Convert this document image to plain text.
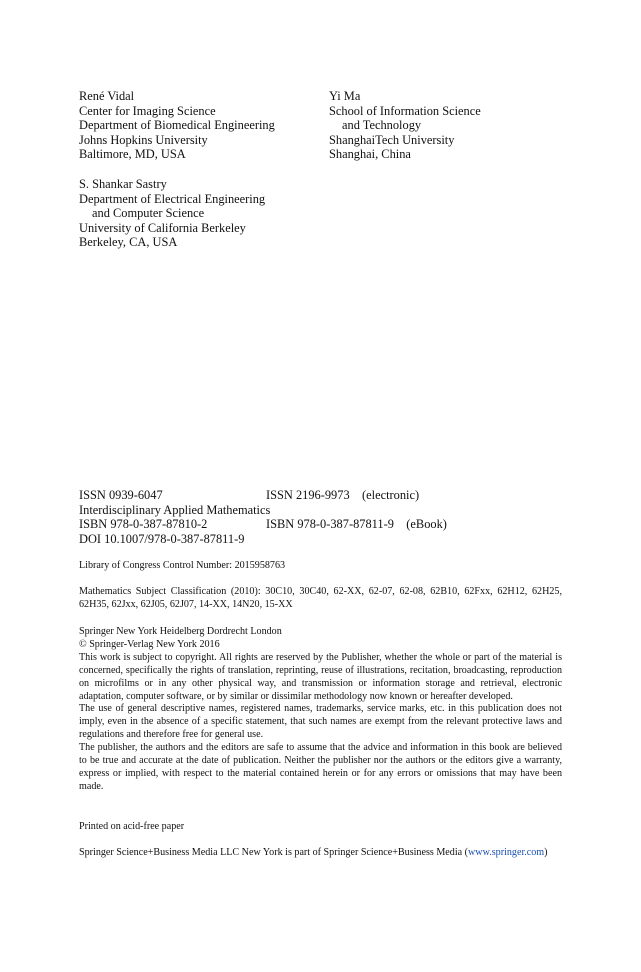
René Vidal
Center for Imaging Science
Department of Biomedical Engineering
Johns Hopkins University
Baltimore, MD, USA
Yi Ma
School of Information Science
and Technology
ShanghaiTech University
Shanghai, China
S. Shankar Sastry
Department of Electrical Engineering
and Computer Science
University of California Berkeley
Berkeley, CA, USA
ISSN 0939-6047	ISSN 2196-9973    (electronic)
Interdisciplinary Applied Mathematics
ISBN 978-0-387-87810-2	ISBN 978-0-387-87811-9    (eBook)
DOI 10.1007/978-0-387-87811-9

Library of Congress Control Number: 2015958763

Mathematics Subject Classification (2010): 30C10, 30C40, 62-XX, 62-07, 62-08, 62B10, 62Fxx, 62H12, 62H25, 62H35, 62Jxx, 62J05, 62J07, 14-XX, 14N20, 15-XX

Springer New York Heidelberg Dordrecht London

© Springer-Verlag New York 2016

This work is subject to copyright. All rights are reserved by the Publisher, whether the whole or part of the material is concerned, specifically the rights of translation, reprinting, reuse of illustrations, recitation, broadcasting, reproduction on microfilms or in any other physical way, and transmission or information storage and retrieval, electronic adaptation, computer software, or by similar or dissimilar methodology now known or hereafter developed.

The use of general descriptive names, registered names, trademarks, service marks, etc. in this publication does not imply, even in the absence of a specific statement, that such names are exempt from the relevant protective laws and regulations and therefore free for general use.

The publisher, the authors and the editors are safe to assume that the advice and information in this book are believed to be true and accurate at the date of publication. Neither the publisher nor the authors or the editors give a warranty, express or implied, with respect to the material contained herein or for any errors or omissions that may have been made.

Printed on acid-free paper

Springer Science+Business Media LLC New York is part of Springer Science+Business Media (www.springer.com)
